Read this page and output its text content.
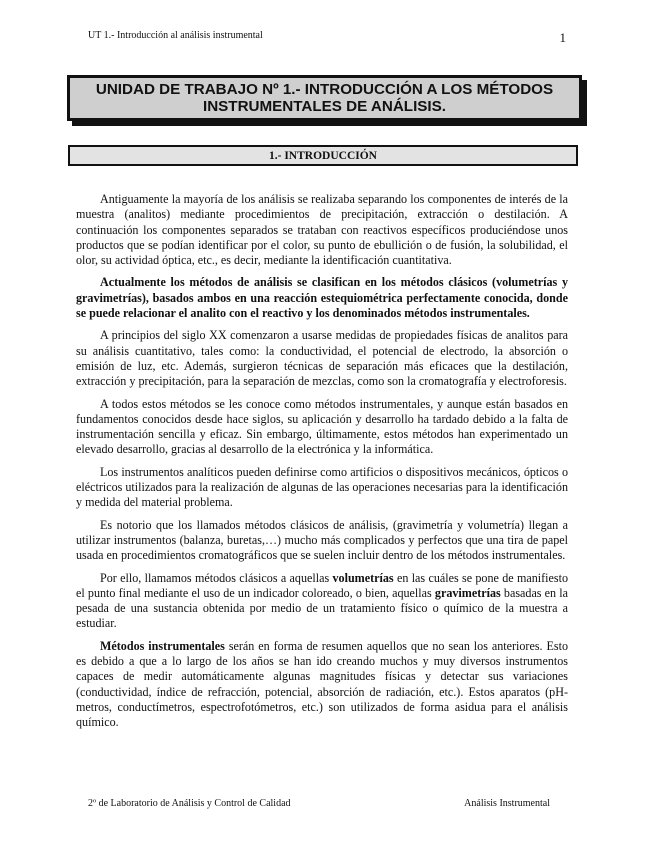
UT 1.- Introducción al análisis instrumental	1
UNIDAD DE TRABAJO Nº 1.- INTRODUCCIÓN A LOS MÉTODOS INSTRUMENTALES DE ANÁLISIS.
1.- INTRODUCCIÓN

Antiguamente la mayoría de los análisis se realizaba separando los componentes de interés de la muestra (analitos) mediante procedimientos de precipitación, extracción o destilación. A continuación los componentes separados se trataban con reactivos específicos produciéndose unos productos que se podían identificar por el color, su punto de ebullición o de fusión, la solubilidad, el olor, su actividad óptica, etc., es decir, mediante la identificación cuantitativa.

Actualmente los métodos de análisis se clasifican en los métodos clásicos (volumetrías y gravimetrías), basados ambos en una reacción estequiométrica perfectamente conocida, donde se puede relacionar el analito con el reactivo y los denominados métodos instrumentales.

A principios del siglo XX comenzaron a usarse medidas de propiedades físicas de analitos para su análisis cuantitativo, tales como: la conductividad, el potencial de electrodo, la absorción o emisión de luz, etc. Además, surgieron técnicas de separación más eficaces que la destilación, extracción y precipitación, para la separación de mezclas, como son la cromatografía y electroforesis.

A todos estos métodos se les conoce como métodos instrumentales, y aunque están basados en fundamentos conocidos desde hace siglos, su aplicación y desarrollo ha tardado debido a la falta de instrumentación sencilla y eficaz. Sin embargo, últimamente, estos métodos han experimentado un elevado desarrollo, gracias al desarrollo de la electrónica y la informática.

Los instrumentos analíticos pueden definirse como artificios o dispositivos mecánicos, ópticos o eléctricos utilizados para la realización de algunas de las operaciones necesarias para la identificación y medida del material problema.

Es notorio que los llamados métodos clásicos de análisis, (gravimetría y volumetría) llegan a utilizar instrumentos (balanza, buretas,…) mucho más complicados y perfectos que una tira de papel usada en procedimientos cromatográficos que se suelen incluir dentro de los métodos instrumentales.

Por ello, llamamos métodos clásicos a aquellas volumetrías en las cuáles se pone de manifiesto el punto final mediante el uso de un indicador coloreado, o bien, aquellas gravimetrías basadas en la pesada de una sustancia obtenida por medio de un tratamiento físico o químico de la muestra a estudiar.

Métodos instrumentales serán en forma de resumen aquellos que no sean los anteriores. Esto es debido a que a lo largo de los años se han ido creando muchos y muy diversos instrumentos capaces de medir automáticamente algunas magnitudes físicas y detectar sus variaciones (conductividad, índice de refracción, potencial, absorción de radiación, etc.). Estos aparatos (pH-metros, conductímetros, espectrofotómetros, etc.) son utilizados de forma asidua para el análisis químico.

2º de Laboratorio de Análisis y Control de Calidad	Análisis Instrumental
